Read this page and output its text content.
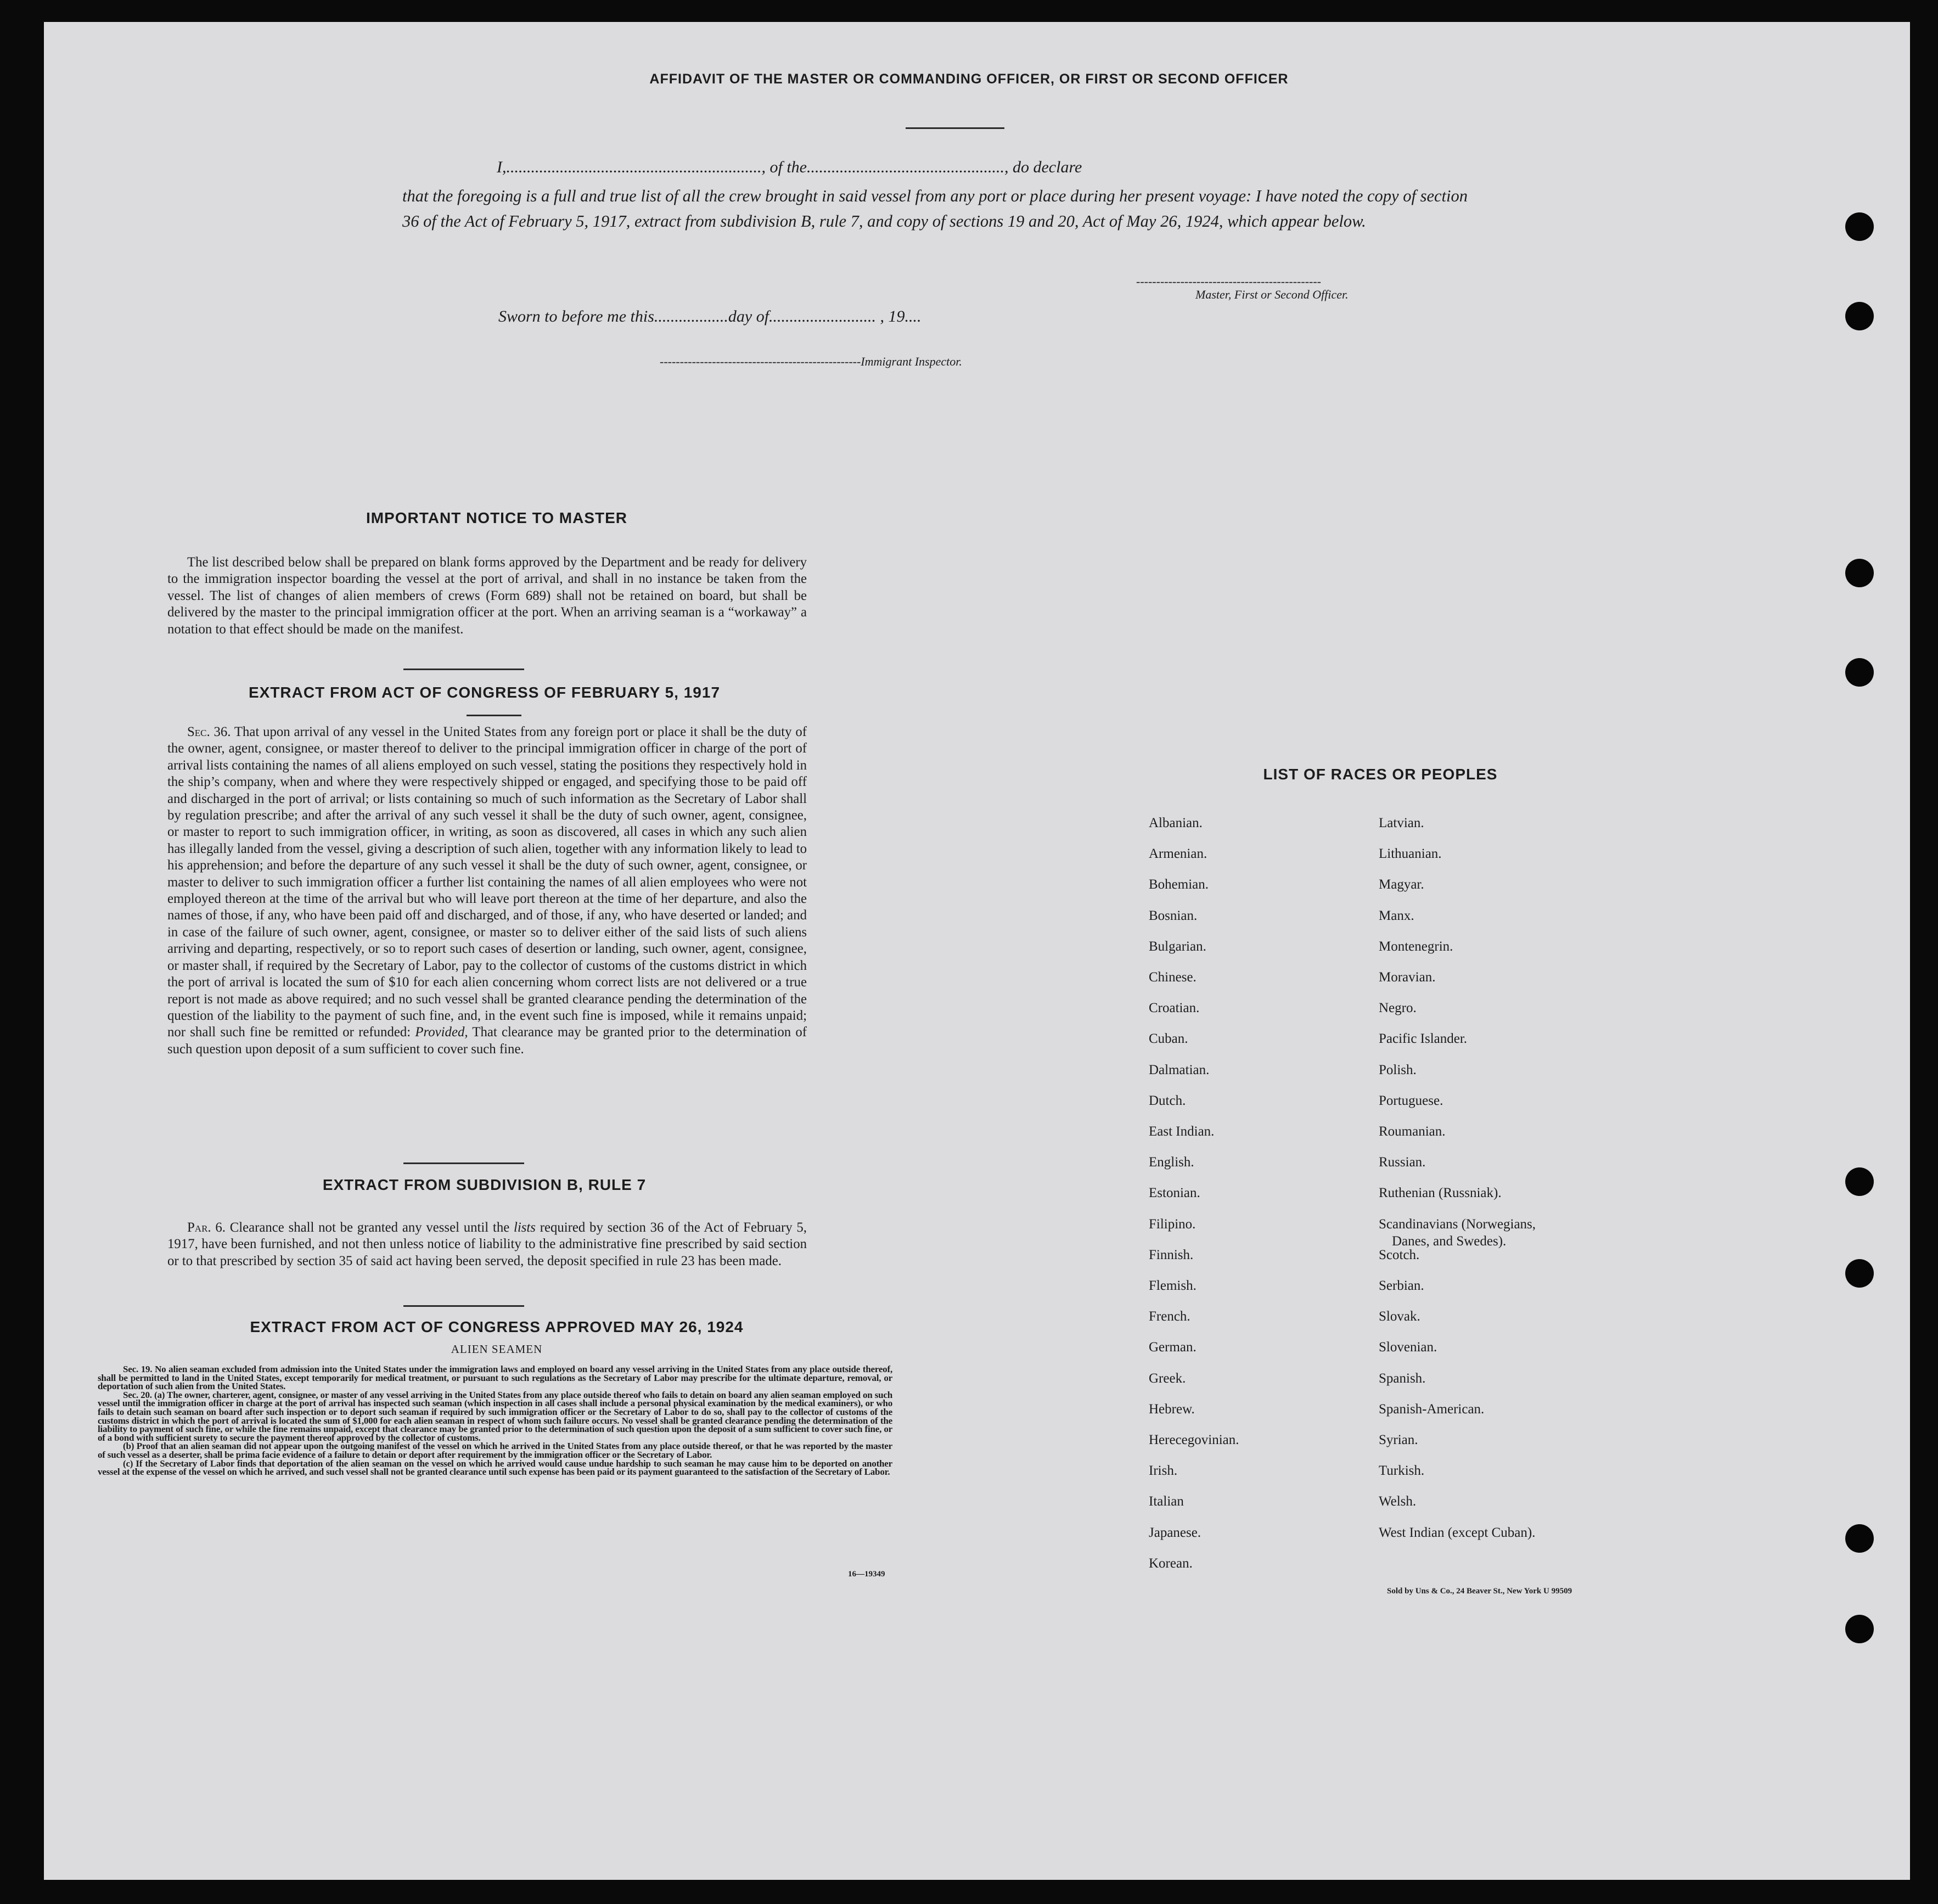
AFFIDAVIT OF THE MASTER OR COMMANDING OFFICER, OR FIRST OR SECOND OFFICER
I,.............................................................., of the................................................, do declare
that the foregoing is a full and true list of all the crew brought in said vessel from any port or place during her present voyage: I have noted the copy of section 36 of the Act of February 5, 1917, extract from subdivision B, rule 7, and copy of sections 19 and 20, Act of May 26, 1924, which appear below.
----------------------------------------------
Master, First or Second Officer.
Sworn to before me this..................day of.......................... , 19....
--------------------------------------------------Immigrant Inspector.
IMPORTANT NOTICE TO MASTER

The list described below shall be prepared on blank forms approved by the Department and be ready for delivery to the immigration inspector boarding the vessel at the port of arrival, and shall in no instance be taken from the vessel. The list of changes of alien members of crews (Form 689) shall not be retained on board, but shall be delivered by the master to the principal immigration officer at the port. When an arriving seaman is a “workaway” a notation to that effect should be made on the manifest.

EXTRACT FROM ACT OF CONGRESS OF FEBRUARY 5, 1917

Sec. 36. That upon arrival of any vessel in the United States from any foreign port or place it shall be the duty of the owner, agent, consignee, or master thereof to deliver to the principal immigration officer in charge of the port of arrival lists containing the names of all aliens employed on such vessel, stating the positions they respectively hold in the ship’s company, when and where they were respectively shipped or engaged, and specifying those to be paid off and discharged in the port of arrival; or lists containing so much of such information as the Secretary of Labor shall by regulation prescribe; and after the arrival of any such vessel it shall be the duty of such owner, agent, consignee, or master to report to such immigration officer, in writing, as soon as discovered, all cases in which any such alien has illegally landed from the vessel, giving a description of such alien, together with any information likely to lead to his apprehension; and before the departure of any such vessel it shall be the duty of such owner, agent, consignee, or master to deliver to such immigration officer a further list containing the names of all alien employees who were not employed thereon at the time of the arrival but who will leave port thereon at the time of her departure, and also the names of those, if any, who have been paid off and discharged, and of those, if any, who have deserted or landed; and in case of the failure of such owner, agent, consignee, or master so to deliver either of the said lists of such aliens arriving and departing, respectively, or so to report such cases of desertion or landing, such owner, agent, consignee, or master shall, if required by the Secretary of Labor, pay to the collector of customs of the customs district in which the port of arrival is located the sum of $10 for each alien concerning whom correct lists are not delivered or a true report is not made as above required; and no such vessel shall be granted clearance pending the determination of the question of the liability to the payment of such fine, and, in the event such fine is imposed, while it remains unpaid; nor shall such fine be remitted or refunded: Provided, That clearance may be granted prior to the determination of such question upon deposit of a sum sufficient to cover such fine.

EXTRACT FROM SUBDIVISION B, RULE 7

Par. 6. Clearance shall not be granted any vessel until the lists required by section 36 of the Act of February 5, 1917, have been furnished, and not then unless notice of liability to the administrative fine prescribed by said section or to that prescribed by section 35 of said act having been served, the deposit specified in rule 23 has been made.

EXTRACT FROM ACT OF CONGRESS APPROVED MAY 26, 1924
ALIEN SEAMEN

Sec. 19. No alien seaman excluded from admission into the United States under the immigration laws and employed on board any vessel arriving in the United States from any place outside thereof, shall be permitted to land in the United States, except temporarily for medical treatment, or pursuant to such regulations as the Secretary of Labor may prescribe for the ultimate departure, removal, or deportation of such alien from the United States.

Sec. 20. (a) The owner, charterer, agent, consignee, or master of any vessel arriving in the United States from any place outside thereof who fails to detain on board any alien seaman employed on such vessel until the immigration officer in charge at the port of arrival has inspected such seaman (which inspection in all cases shall include a personal physical examination by the medical examiners), or who fails to detain such seaman on board after such inspection or to deport such seaman if required by such immigration officer or the Secretary of Labor to do so, shall pay to the collector of customs of the customs district in which the port of arrival is located the sum of $1,000 for each alien seaman in respect of whom such failure occurs. No vessel shall be granted clearance pending the determination of the liability to payment of such fine, or while the fine remains unpaid, except that clearance may be granted prior to the determination of such question upon the deposit of a sum sufficient to cover such fine, or of a bond with sufficient surety to secure the payment thereof approved by the collector of customs.

(b) Proof that an alien seaman did not appear upon the outgoing manifest of the vessel on which he arrived in the United States from any place outside thereof, or that he was reported by the master of such vessel as a deserter, shall be prima facie evidence of a failure to detain or deport after requirement by the immigration officer or the Secretary of Labor.

(c) If the Secretary of Labor finds that deportation of the alien seaman on the vessel on which he arrived would cause undue hardship to such seaman he may cause him to be deported on another vessel at the expense of the vessel on which he arrived, and such vessel shall not be granted clearance until such expense has been paid or its payment guaranteed to the satisfaction of the Secretary of Labor.

16—19349
LIST OF RACES OR PEOPLES
Albanian.
Armenian.
Bohemian.
Bosnian.
Bulgarian.
Chinese.
Croatian.
Cuban.
Dalmatian.
Dutch.
East Indian.
English.
Estonian.
Filipino.
Finnish.
Flemish.
French.
German.
Greek.
Hebrew.
Herecegovinian.
Irish.
Italian
Japanese.
Korean.
Latvian.
Lithuanian.
Magyar.
Manx.
Montenegrin.
Moravian.
Negro.
Pacific Islander.
Polish.
Portuguese.
Roumanian.
Russian.
Ruthenian (Russniak).
Scandinavians (Norwegians,
Danes, and Swedes).
Scotch.
Serbian.
Slovak.
Slovenian.
Spanish.
Spanish-American.
Syrian.
Turkish.
Welsh.
West Indian (except Cuban).
Sold by Uns & Co., 24 Beaver St., New York U 99509
